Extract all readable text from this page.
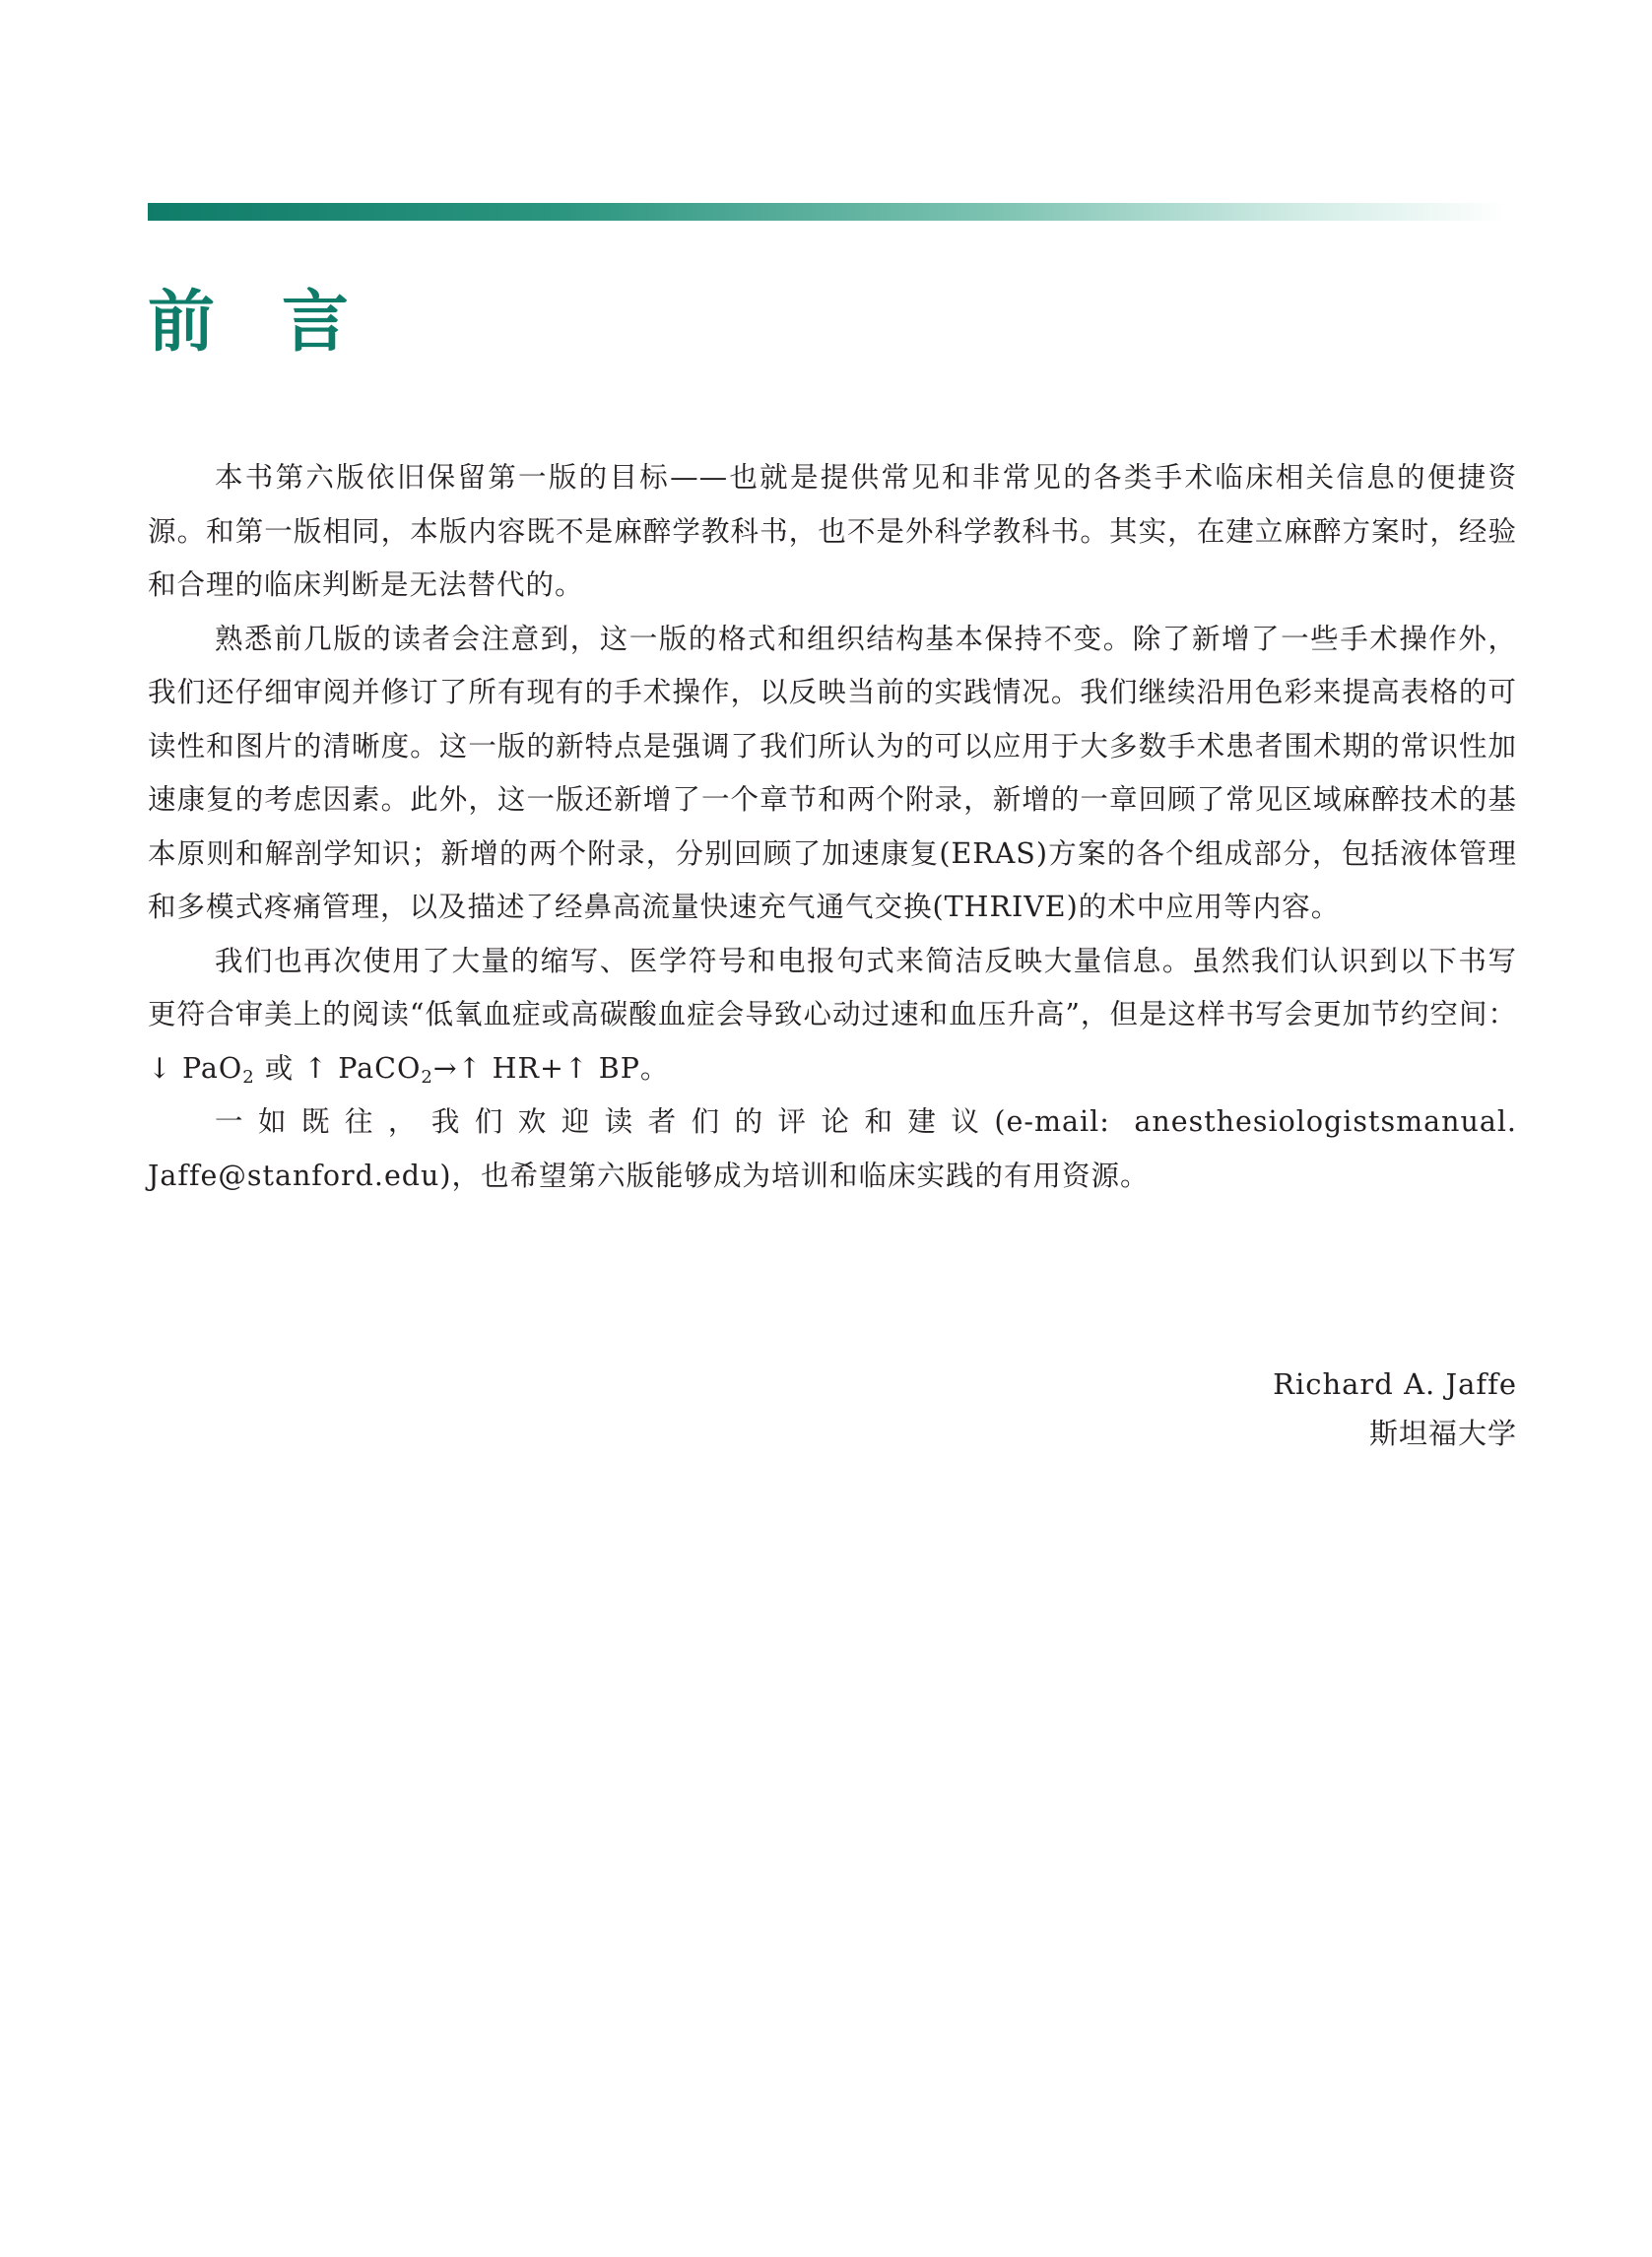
前言

本书第六版依旧保留第一版的目标——也就是提供常见和非常见的各类手术临床相关信息的便捷资源。和第一版相同，本版内容既不是麻醉学教科书，也不是外科学教科书。其实，在建立麻醉方案时，经验和合理的临床判断是无法替代的。

熟悉前几版的读者会注意到，这一版的格式和组织结构基本保持不变。除了新增了一些手术操作外，我们还仔细审阅并修订了所有现有的手术操作，以反映当前的实践情况。我们继续沿用色彩来提高表格的可读性和图片的清晰度。这一版的新特点是强调了我们所认为的可以应用于大多数手术患者围术期的常识性加速康复的考虑因素。此外，这一版还新增了一个章节和两个附录，新增的一章回顾了常见区域麻醉技术的基本原则和解剖学知识；新增的两个附录，分别回顾了加速康复(ERAS)方案的各个组成部分，包括液体管理和多模式疼痛管理，以及描述了经鼻高流量快速充气通气交换(THRIVE)的术中应用等内容。

我们也再次使用了大量的缩写、医学符号和电报句式来简洁反映大量信息。虽然我们认识到以下书写更符合审美上的阅读“低氧血症或高碳酸血症会导致心动过速和血压升高”，但是这样书写会更加节约空间：↓ PaO$_2$ 或 ↑ PaCO$_2$→↑ HR+↑ BP。

一如既往，我们欢迎读者们的评论和建议(e-mail: anesthesiologistsmanual. Jaffe@stanford.edu)，也希望第六版能够成为培训和临床实践的有用资源。

Richard A. Jaffe
斯坦福大学
